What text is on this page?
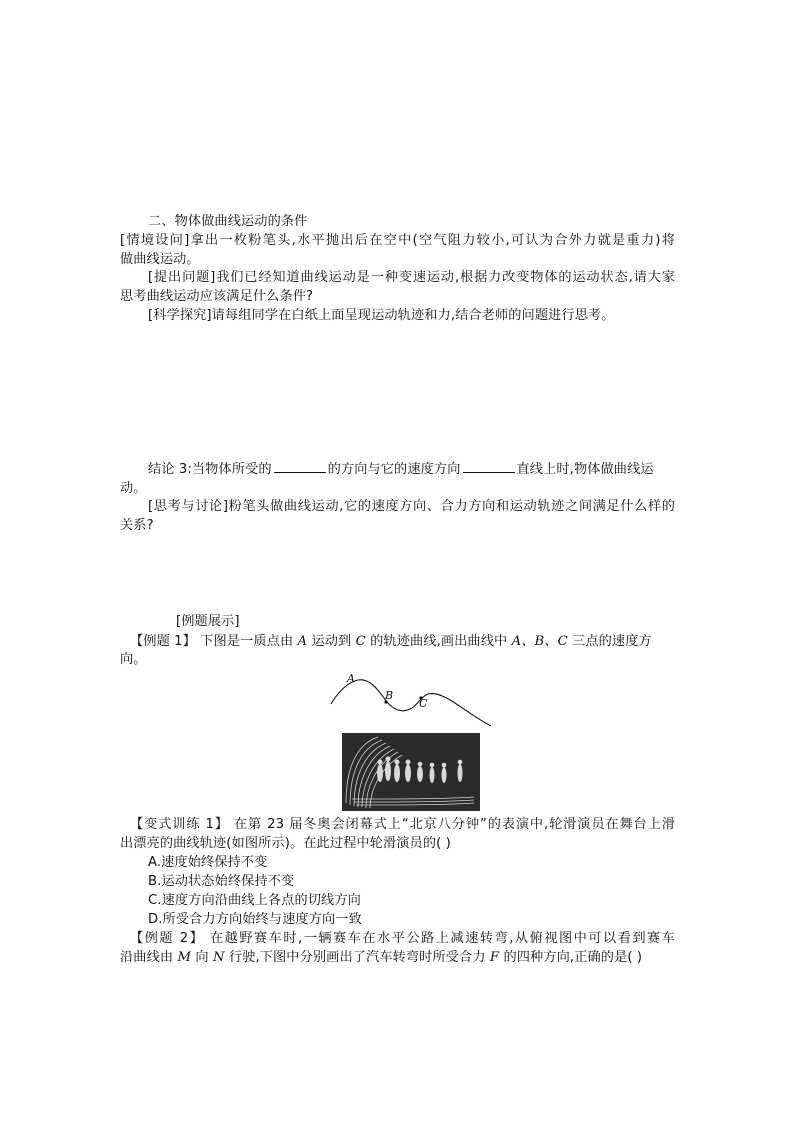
二、物体做曲线运动的条件
[情境设问]拿出一枚粉笔头,水平抛出后在空中(空气阻力较小,可认为合外力就是重力)将
做曲线运动。
[提出问题]我们已经知道曲线运动是一种变速运动,根据力改变物体的运动状态,请大家
思考曲线运动应该满足什么条件?
[科学探究]请每组同学在白纸上面呈现运动轨迹和力,结合老师的问题进行思考。
结论 3:当物体所受的	的方向与它的速度方向	直线上时,物体做曲线运
动。
[思考与讨论]粉笔头做曲线运动,它的速度方向、合力方向和运动轨迹之间满足什么样的
关系?
[例题展示]
【例题 1】 下图是一质点由 A 运动到 C 的轨迹曲线,画出曲线中 A、B、C 三点的速度方
向。
A
B
C
【变式训练 1】 在第 23 届冬奥会闭幕式上“北京八分钟”的表演中,轮滑演员在舞台上滑
出漂亮的曲线轨迹(如图所示)。在此过程中轮滑演员的( )
A.速度始终保持不变
B.运动状态始终保持不变
C.速度方向沿曲线上各点的切线方向
D.所受合力方向始终与速度方向一致
【例题 2】 在越野赛车时,一辆赛车在水平公路上减速转弯,从俯视图中可以看到赛车
沿曲线由 M 向 N 行驶,下图中分别画出了汽车转弯时所受合力 F 的四种方向,正确的是( )
